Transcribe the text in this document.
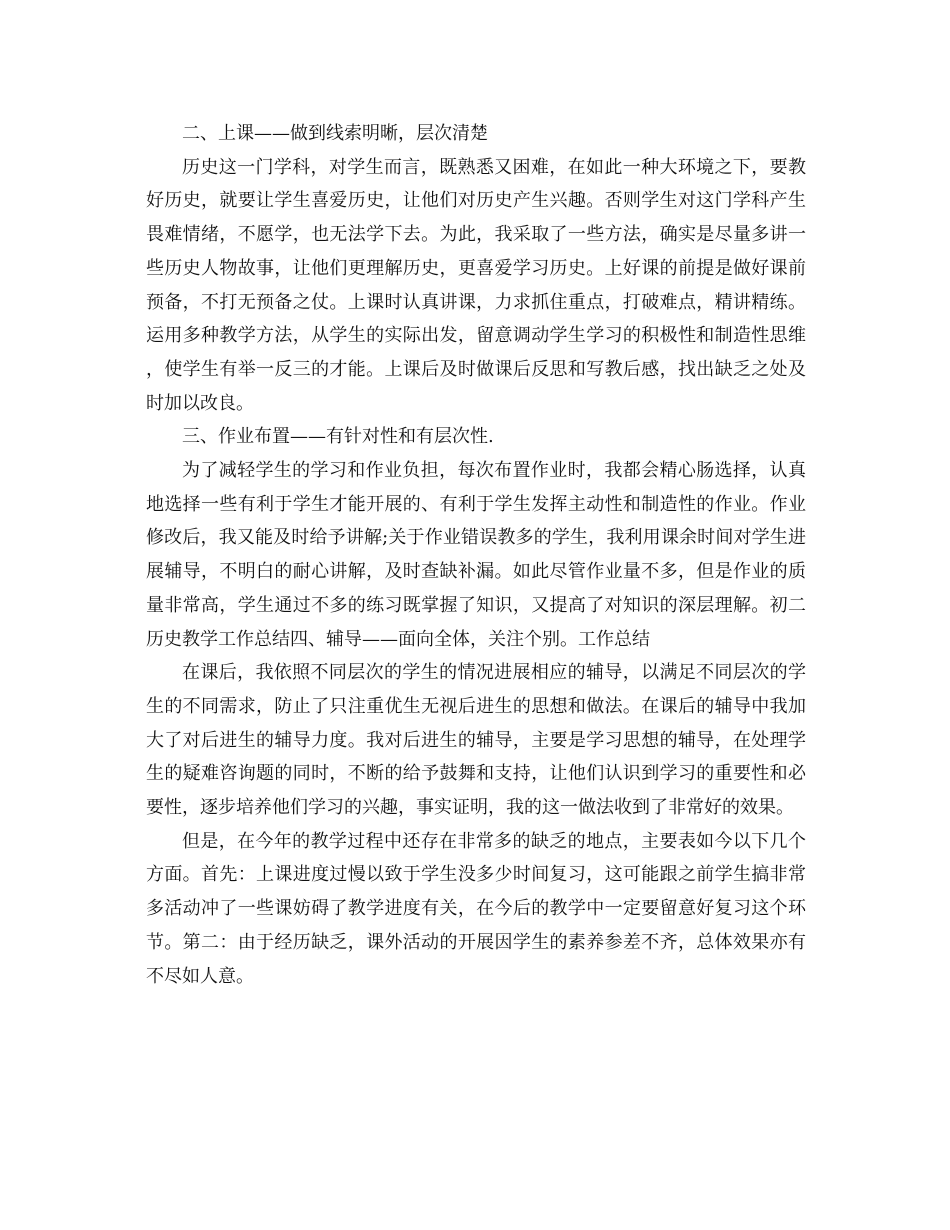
二、上课——做到线索明晰，层次清楚

历史这一门学科，对学生而言，既熟悉又困难，在如此一种大环境之下，要教好历史，就要让学生喜爱历史，让他们对历史产生兴趣。否则学生对这门学科产生畏难情绪，不愿学，也无法学下去。为此，我采取了一些方法，确实是尽量多讲一些历史人物故事，让他们更理解历史，更喜爱学习历史。上好课的前提是做好课前预备，不打无预备之仗。上课时认真讲课，力求抓住重点，打破难点，精讲精练。运用多种教学方法，从学生的实际出发，留意调动学生学习的积极性和制造性思维，使学生有举一反三的才能。上课后及时做课后反思和写教后感，找出缺乏之处及时加以改良。

三、作业布置——有针对性和有层次性.

为了减轻学生的学习和作业负担，每次布置作业时，我都会精心肠选择，认真地选择一些有利于学生才能开展的、有利于学生发挥主动性和制造性的作业。作业修改后，我又能及时给予讲解;关于作业错误教多的学生，我利用课余时间对学生进展辅导，不明白的耐心讲解，及时查缺补漏。如此尽管作业量不多，但是作业的质量非常高，学生通过不多的练习既掌握了知识，又提高了对知识的深层理解。初二历史教学工作总结四、辅导——面向全体，关注个别。工作总结

在课后，我依照不同层次的学生的情况进展相应的辅导，以满足不同层次的学生的不同需求，防止了只注重优生无视后进生的思想和做法。在课后的辅导中我加大了对后进生的辅导力度。我对后进生的辅导，主要是学习思想的辅导，在处理学生的疑难咨询题的同时，不断的给予鼓舞和支持，让他们认识到学习的重要性和必要性，逐步培养他们学习的兴趣，事实证明，我的这一做法收到了非常好的效果。

但是，在今年的教学过程中还存在非常多的缺乏的地点，主要表如今以下几个方面。首先：上课进度过慢以致于学生没多少时间复习，这可能跟之前学生搞非常多活动冲了一些课妨碍了教学进度有关，在今后的教学中一定要留意好复习这个环节。第二：由于经历缺乏，课外活动的开展因学生的素养参差不齐，总体效果亦有不尽如人意。
